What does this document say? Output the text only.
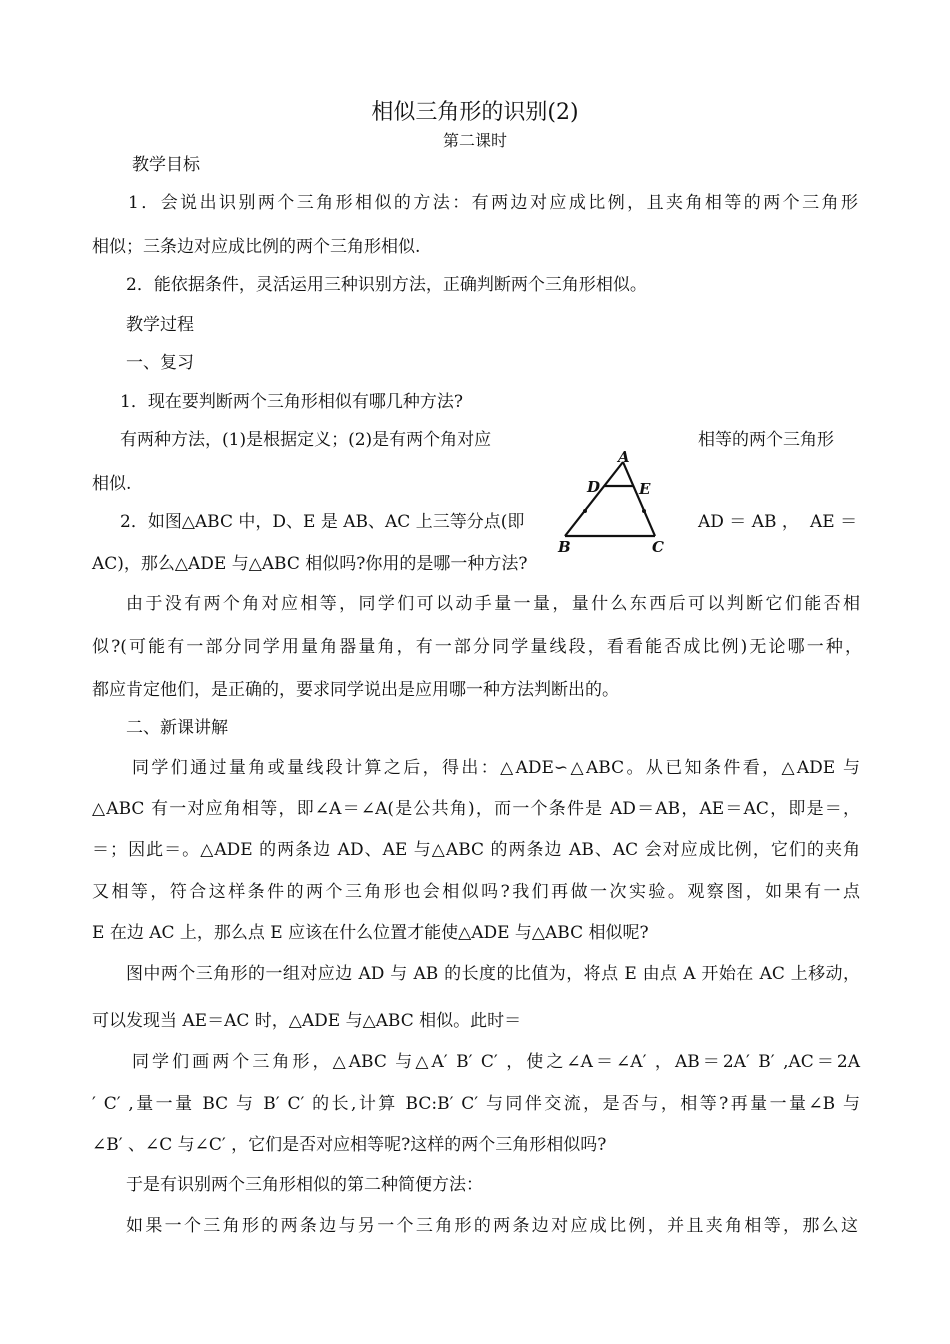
相似三角形的识别(2)
第二课时
教学目标
1．会说出识别两个三角形相似的方法：有两边对应成比例，且夹角相等的两个三角形
相似；三条边对应成比例的两个三角形相似.
2．能依据条件，灵活运用三种识别方法，正确判断两个三角形相似。
教学过程
一、复习
1．现在要判断两个三角形相似有哪几种方法?
有两种方法，(1)是根据定义；(2)是有两个角对应	相等的两个三角形
相似.
2．如图△ABC 中，D、E 是 AB、AC 上三等分点(即	AD ＝ AB ， AE ＝
AC)，那么△ADE 与△ABC 相似吗?你用的是哪一种方法?
A
D	E
B	C
由于没有两个角对应相等，同学们可以动手量一量，量什么东西后可以判断它们能否相
似?(可能有一部分同学用量角器量角，有一部分同学量线段，看看能否成比例)无论哪一种，
都应肯定他们，是正确的，要求同学说出是应用哪一种方法判断出的。
二、新课讲解
同学们通过量角或量线段计算之后，得出：△ADE∽△ABC。从已知条件看，△ADE 与
△ABC 有一对应角相等，即∠A＝∠A(是公共角)，而一个条件是 AD＝AB，AE＝AC，即是＝，
＝；因此＝。△ADE 的两条边 AD、AE 与△ABC 的两条边 AB、AC 会对应成比例，它们的夹角
又相等，符合这样条件的两个三角形也会相似吗?我们再做一次实验。观察图，如果有一点
E 在边 AC 上，那么点 E 应该在什么位置才能使△ADE 与△ABC 相似呢?
图中两个三角形的一组对应边 AD 与 AB 的长度的比值为，将点 E 由点 A 开始在 AC 上移动，
可以发现当 AE＝AC 时，△ADE 与△ABC 相似。此时＝
同学们画两个三角形，△ABC 与△A′ B′ C′ ，使之∠A＝∠A′ ，AB＝2A′ B′ ,AC＝2A
′ C′ ,量一量 BC 与 B′ C′ 的长,计算 BC:B′ C′ 与同伴交流，是否与，相等?再量一量∠B 与
∠B′ 、∠C 与∠C′ ，它们是否对应相等呢?这样的两个三角形相似吗?
于是有识别两个三角形相似的第二种简便方法：
如果一个三角形的两条边与另一个三角形的两条边对应成比例，并且夹角相等，那么这
